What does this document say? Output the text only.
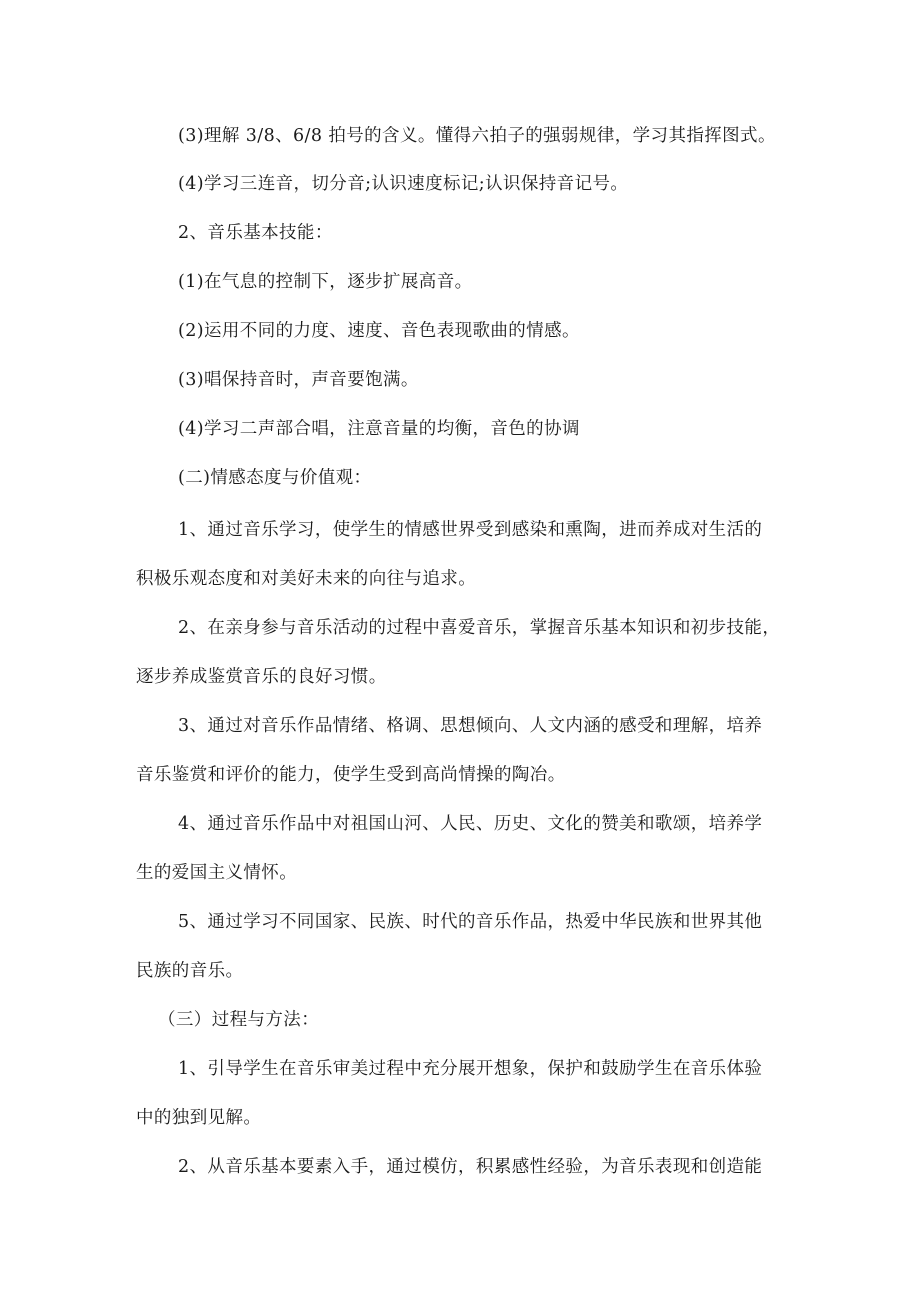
(3)理解 3/8、6/8 拍号的含义。懂得六拍子的强弱规律，学习其指挥图式。
(4)学习三连音，切分音;认识速度标记;认识保持音记号。
2、音乐基本技能：
(1)在气息的控制下，逐步扩展高音。
(2)运用不同的力度、速度、音色表现歌曲的情感。
(3)唱保持音时，声音要饱满。
(4)学习二声部合唱，注意音量的均衡，音色的协调
(二)情感态度与价值观：
1、通过音乐学习，使学生的情感世界受到感染和熏陶，进而养成对生活的
积极乐观态度和对美好未来的向往与追求。
2、在亲身参与音乐活动的过程中喜爱音乐，掌握音乐基本知识和初步技能，
逐步养成鉴赏音乐的良好习惯。
3、通过对音乐作品情绪、格调、思想倾向、人文内涵的感受和理解，培养
音乐鉴赏和评价的能力，使学生受到高尚情操的陶冶。
4、通过音乐作品中对祖国山河、人民、历史、文化的赞美和歌颂，培养学
生的爱国主义情怀。
5、通过学习不同国家、民族、时代的音乐作品，热爱中华民族和世界其他
民族的音乐。
（三）过程与方法：
1、引导学生在音乐审美过程中充分展开想象，保护和鼓励学生在音乐体验
中的独到见解。
2、从音乐基本要素入手，通过模仿，积累感性经验，为音乐表现和创造能
